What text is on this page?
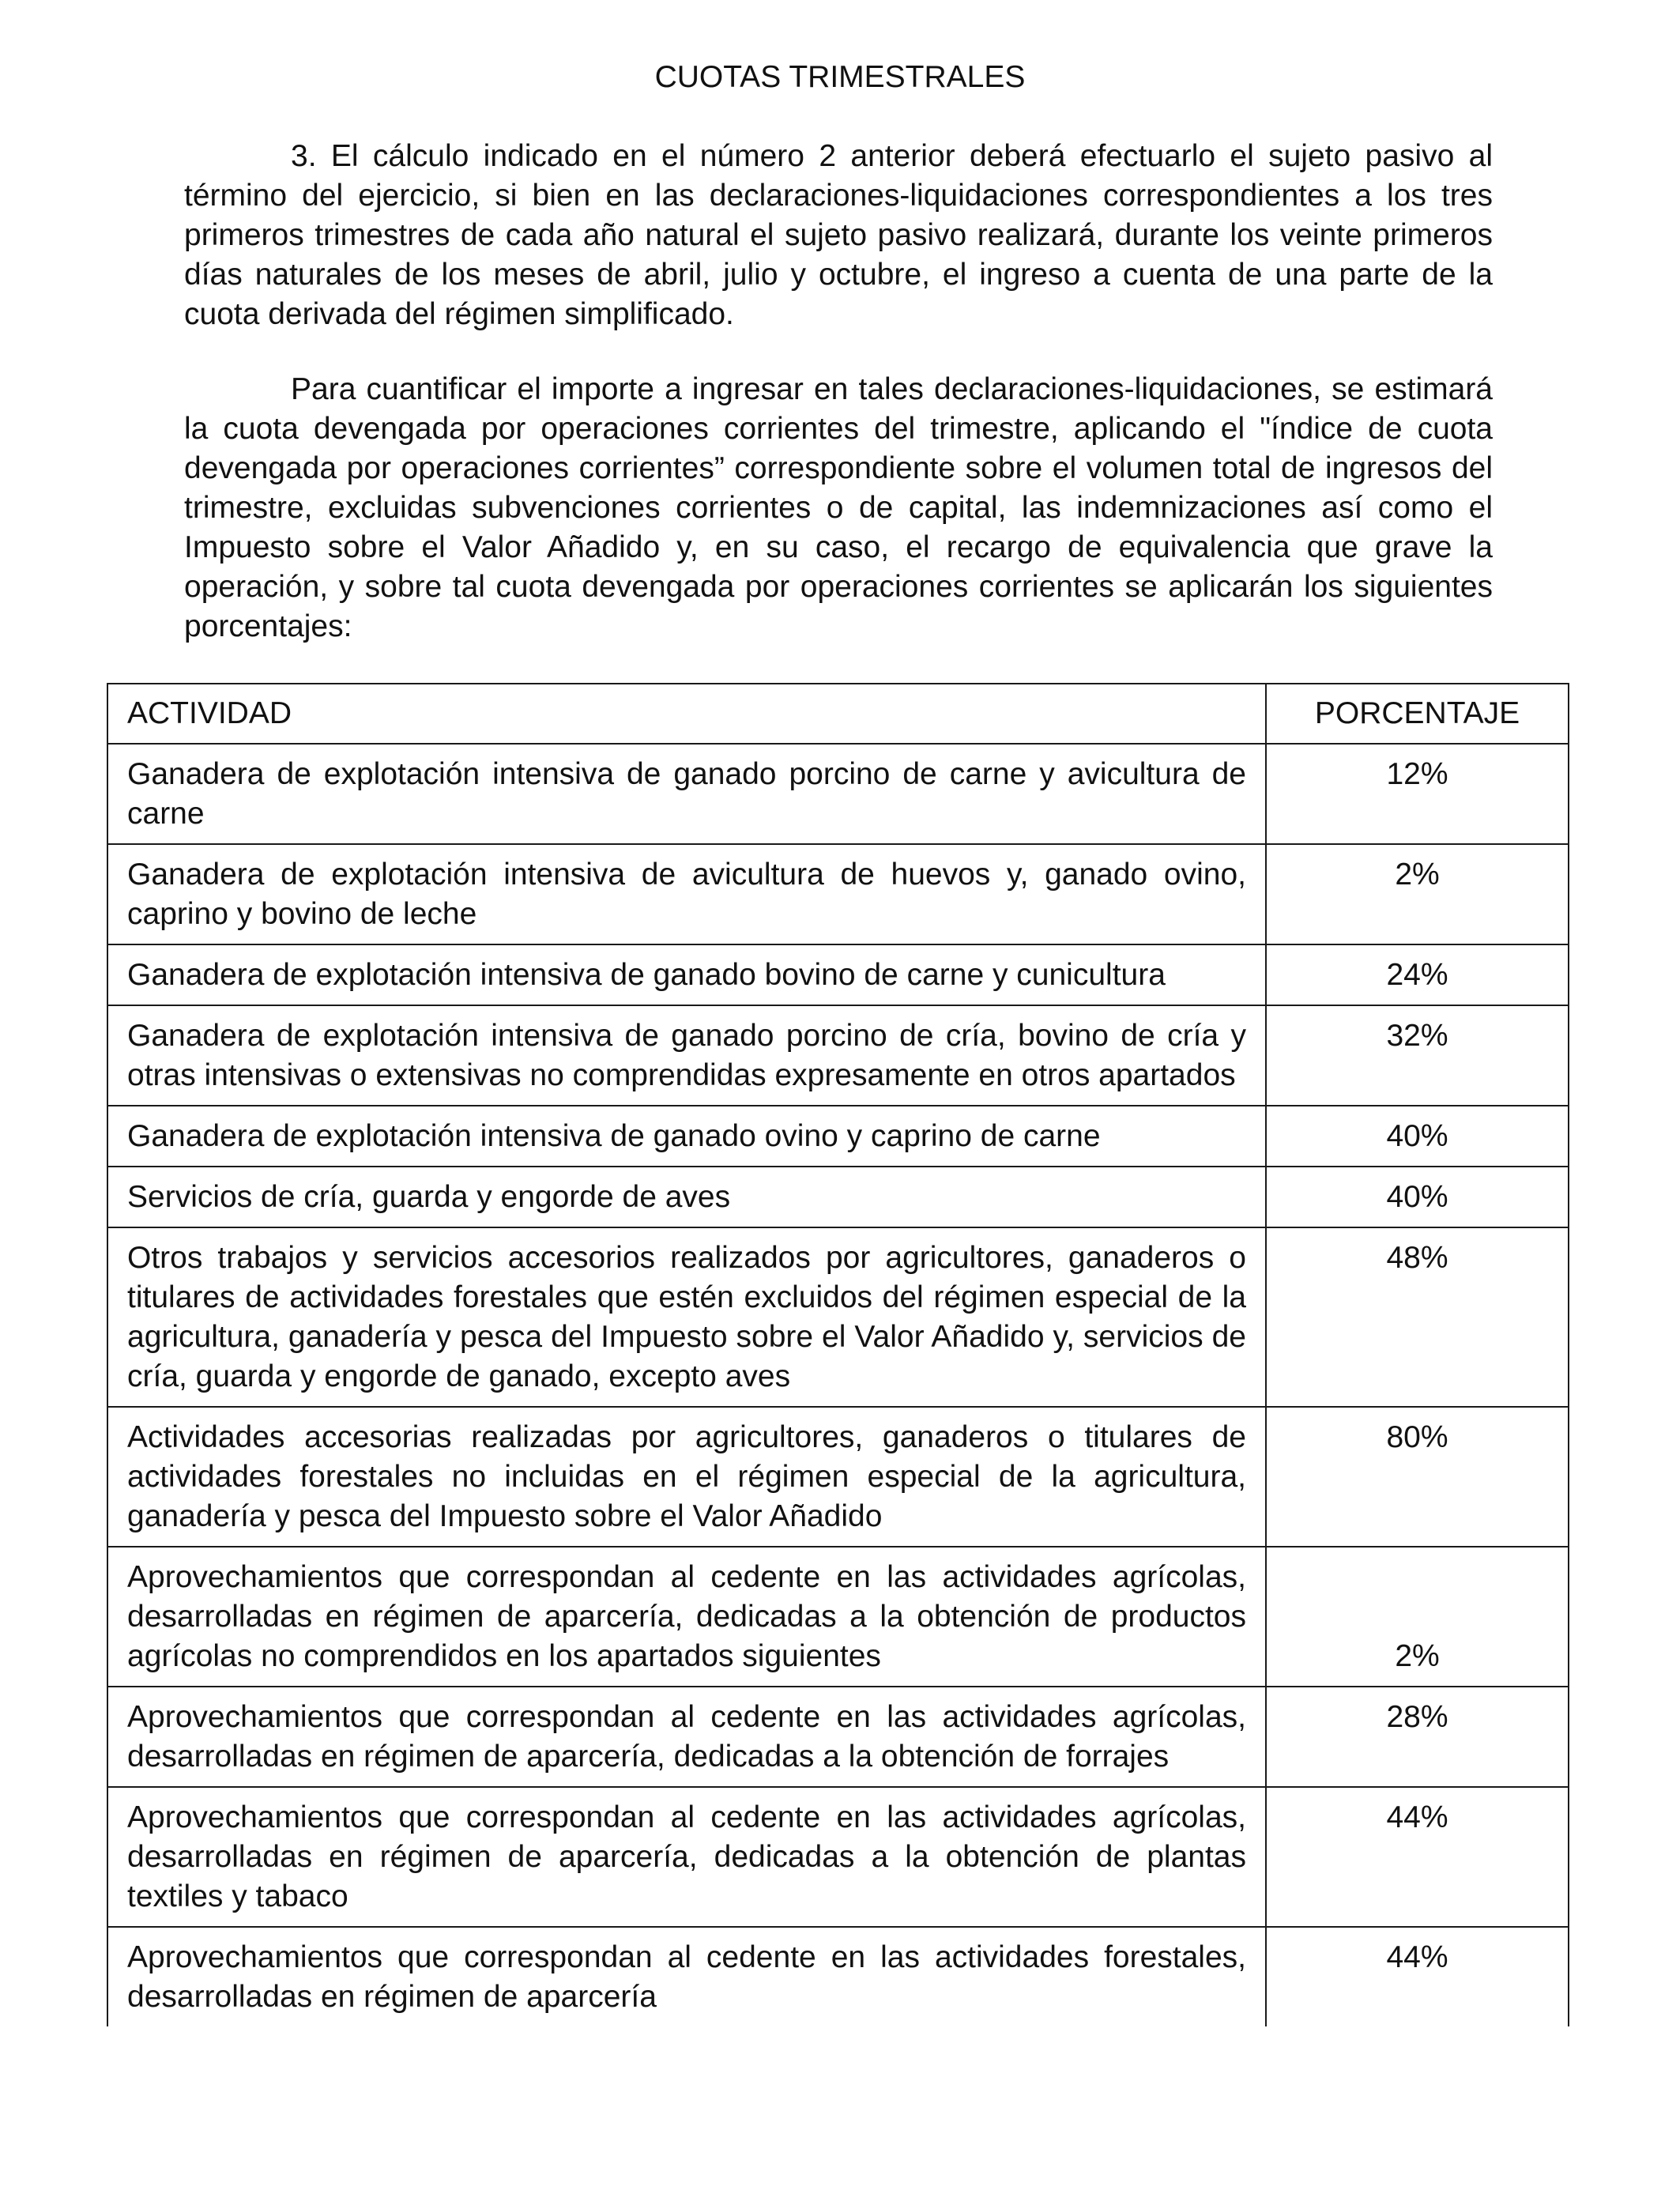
CUOTAS TRIMESTRALES

3. El cálculo indicado en el número 2 anterior deberá efectuarlo el sujeto pasivo al término del ejercicio, si bien en las declaraciones-liquidaciones correspondientes a los tres primeros trimestres de cada año natural el sujeto pasivo realizará, durante los veinte primeros días naturales de los meses de abril, julio y octubre, el ingreso a cuenta de una parte de la cuota derivada del régimen simplificado.

Para cuantificar el importe a ingresar en tales declaraciones-liquidaciones, se estimará la cuota devengada por operaciones corrientes del trimestre, aplicando el "índice de cuota devengada por operaciones corrientes” correspondiente sobre el volumen total de ingresos del trimestre, excluidas subvenciones corrientes o de capital, las indemnizaciones así como el Impuesto sobre el Valor Añadido y, en su caso, el recargo de equivalencia que grave la operación, y sobre tal cuota devengada por operaciones corrientes se aplicarán los siguientes porcentajes:

ACTIVIDAD	PORCENTAJE
Ganadera de explotación intensiva de ganado porcino de carne y avicultura de carne	12%
Ganadera de explotación intensiva de avicultura de huevos y, ganado ovino, caprino y bovino de leche	2%
Ganadera de explotación intensiva de ganado bovino de carne y cunicultura	24%
Ganadera de explotación intensiva de ganado porcino de cría, bovino de cría y otras intensivas o extensivas no comprendidas expresamente en otros apartados	32%
Ganadera de explotación intensiva de ganado ovino y caprino de carne	40%
Servicios de cría, guarda y engorde de aves	40%
Otros trabajos y servicios accesorios realizados por agricultores, ganaderos o titulares de actividades forestales que estén excluidos del régimen especial de la agricultura, ganadería y pesca del Impuesto sobre el Valor Añadido y, servicios de cría, guarda y engorde de ganado, excepto aves	48%
Actividades accesorias realizadas por agricultores, ganaderos o titulares de actividades forestales no incluidas en el régimen especial de la agricultura, ganadería y pesca del Impuesto sobre el Valor Añadido	80%
Aprovechamientos que correspondan al cedente en las actividades agrícolas, desarrolladas en régimen de aparcería, dedicadas a la obtención de productos agrícolas no comprendidos en los apartados siguientes	2%
Aprovechamientos que correspondan al cedente en las actividades agrícolas, desarrolladas en régimen de aparcería, dedicadas a la obtención de forrajes	28%
Aprovechamientos que correspondan al cedente en las actividades agrícolas, desarrolladas en régimen de aparcería, dedicadas a la obtención de plantas textiles y tabaco	44%
Aprovechamientos que correspondan al cedente en las actividades forestales, desarrolladas en régimen de aparcería	44%
